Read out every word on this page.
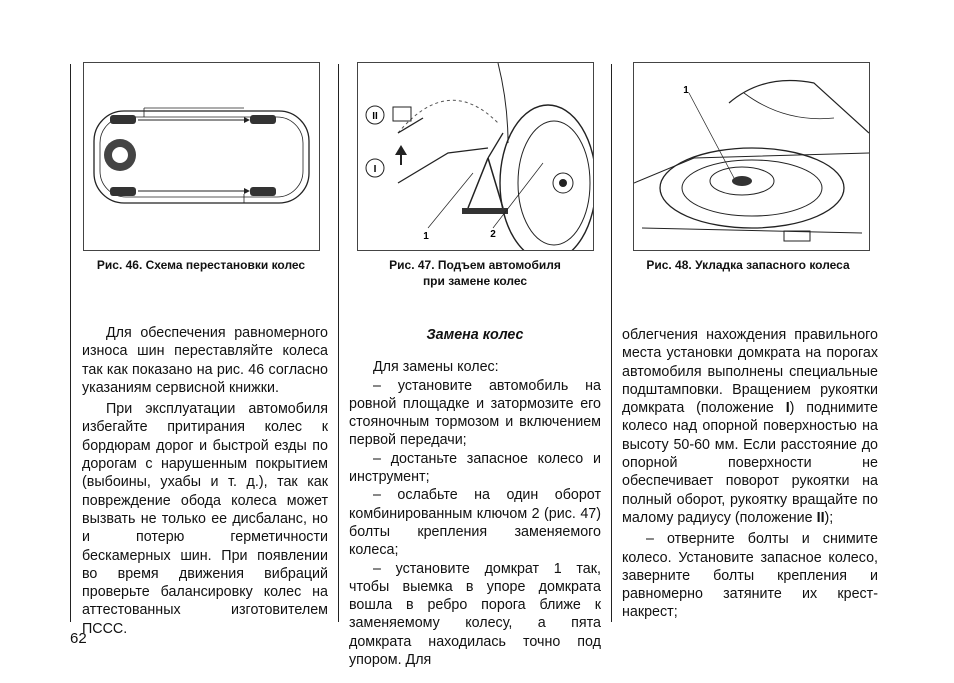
Рис. 46. Схема перестановки колес
II
I
1	2
Рис. 47. Подъем автомобиля
при замене колес
1
Рис. 48. Укладка запасного колеса

Для обеспечения равномерного износа шин переставляйте колеса так как показано на рис. 46 согласно указаниям сервисной книжки.

При эксплуатации автомобиля избегайте притирания колес к бордюрам дорог и быстрой езды по дорогам с нарушенным покрытием (выбоины, ухабы и т. д.), так как повреждение обода колеса может вызвать не только ее дисбаланс, но и потерю герметичности бескамерных шин. При появлении во время движения вибраций проверьте балансировку колес на аттестованных изготовителем ПССС.

Замена колес

Для замены колес:

– установите автомобиль на ровной площадке и затормозите его стояночным тормозом и включением первой передачи;

– достаньте запасное колесо и инструмент;

– ослабьте на один оборот комбинированным ключом 2 (рис. 47) болты крепления заменяемого колеса;

– установите домкрат 1 так, чтобы выемка в упоре домкрата вошла в ребро порога ближе к заменяемому колесу, а пята домкрата находилась точно под упором. Для

облегчения нахождения правильного места установки домкрата на порогах автомобиля выполнены специальные подштамповки. Вращением рукоятки домкрата (положение I) поднимите колесо над опорной поверхностью на высоту 50-60 мм. Если расстояние до опорной поверхности не обеспечивает поворот рукоятки на полный оборот, рукоятку вращайте по малому радиусу (положение II);

– отверните болты и снимите колесо. Установите запасное колесо, заверните болты крепления и равномерно затяните их крест-накрест;

62
